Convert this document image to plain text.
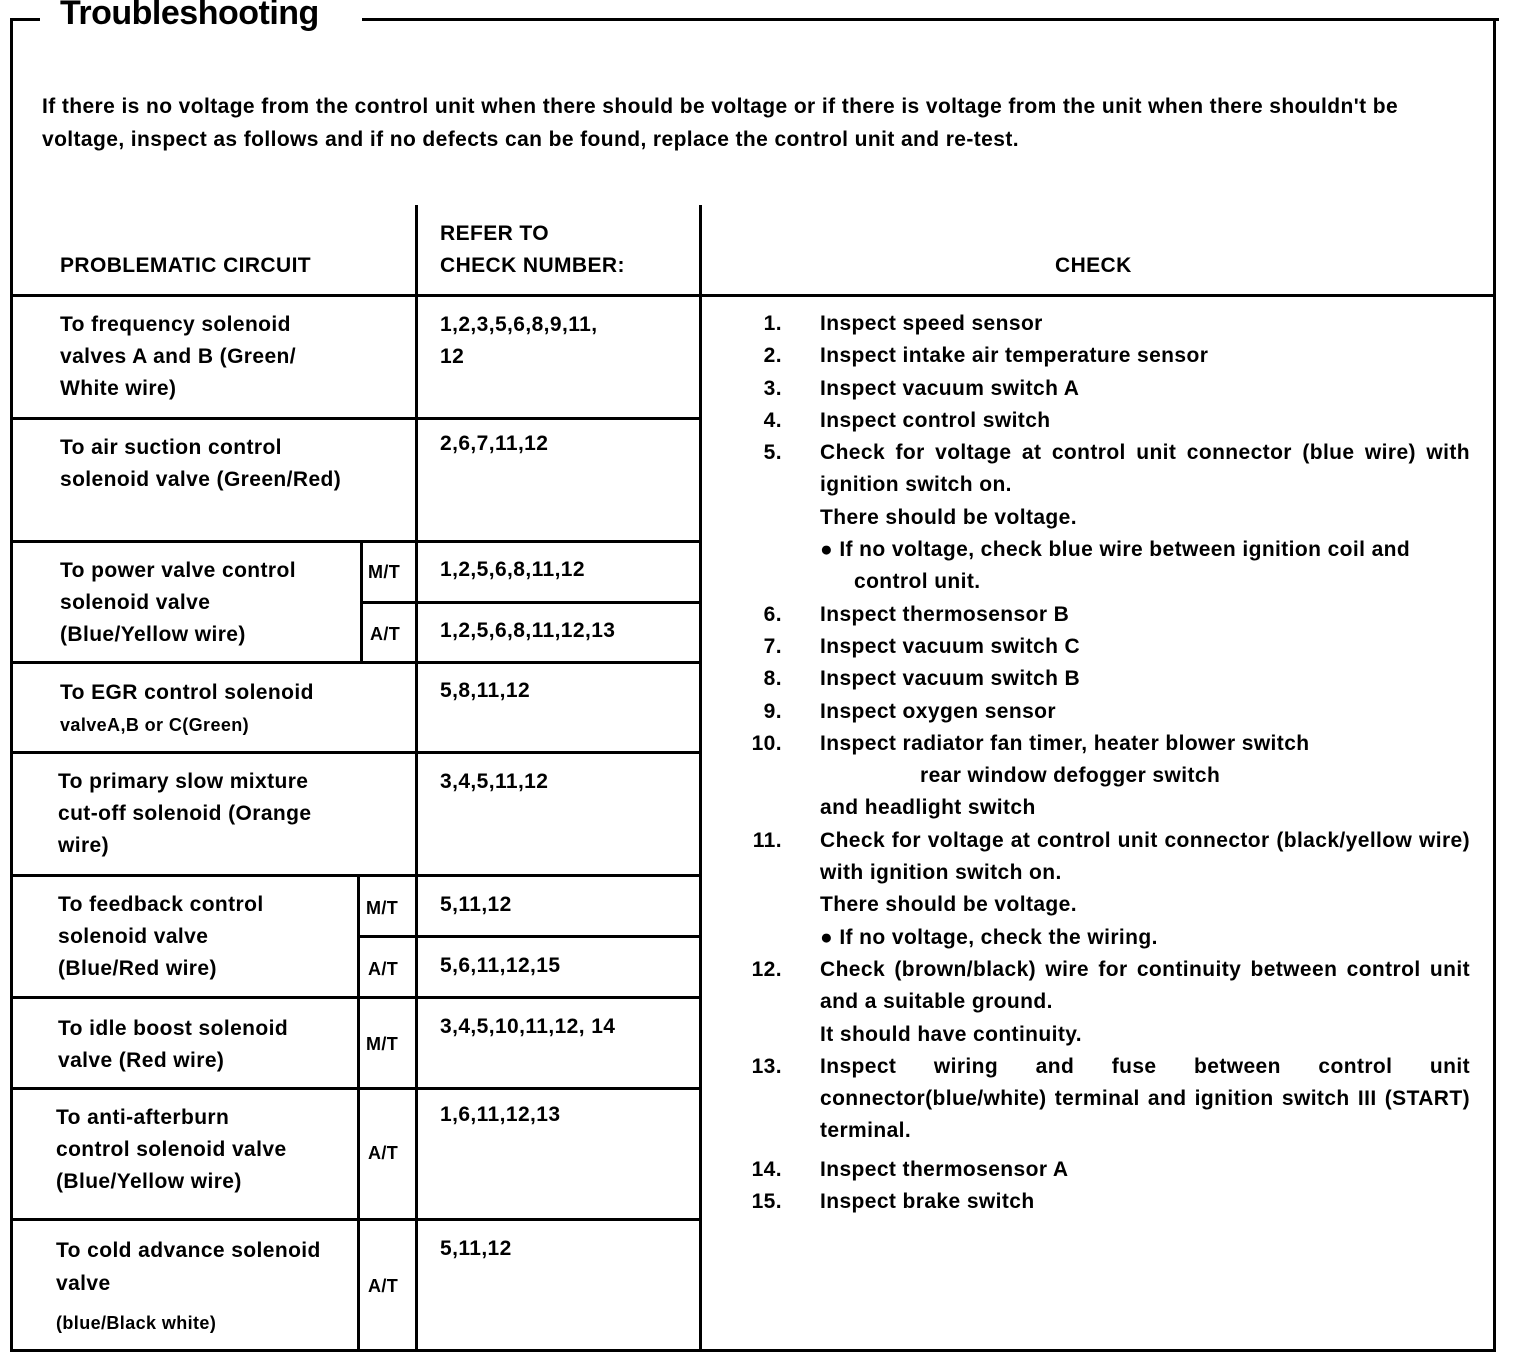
Troubleshooting
If there is no voltage from the control unit when there should be voltage or if there is voltage from the unit when there shouldn't be voltage, inspect as follows and if no defects can be found, replace the control unit and re-test.
PROBLEMATIC CIRCUIT
REFER TO
CHECK NUMBER:	CHECK
To frequency solenoid
valves A and B (Green/
White wire)
1,2,3,5,6,8,9,11,
12
To air suction control
solenoid valve (Green/Red)
2,6,7,11,12
To power valve control
solenoid valve
(Blue/Yellow wire)
M/T 1,2,5,6,8,11,12
A/T 1,2,5,6,8,11,12,13
To EGR control solenoid
valveA,B or C(Green)
5,8,11,12
To primary slow mixture
cut-off solenoid (Orange
wire)
3,4,5,11,12
To feedback control
solenoid valve
(Blue/Red wire)
M/T 5,11,12
A/T 5,6,11,12,15
To idle boost solenoid
valve (Red wire)
M/T
3,4,5,10,11,12, 14
To anti-afterburn
control solenoid valve
(Blue/Yellow wire)
A/T
1,6,11,12,13
To cold advance solenoid
valve
(blue/Black white)
A/T
5,11,12
1. Inspect speed sensor
2. Inspect intake air temperature sensor
3. Inspect vacuum switch A
4. Inspect control switch
5. Check for voltage at control unit connector (blue wire) with ignition switch on.
There should be voltage.
● If no voltage, check blue wire between ignition coil and control unit.
6. Inspect thermosensor B
7. Inspect vacuum switch C
8. Inspect vacuum switch B
9. Inspect oxygen sensor
10. Inspect radiator fan timer, heater blower switch
rear window defogger switch
and headlight switch
11. Check for voltage at control unit connector (black/yellow wire) with ignition switch on.
There should be voltage.
● If no voltage, check the wiring.
12. Check (brown/black) wire for continuity between control unit and a suitable ground.
It should have continuity.
13. Inspect wiring and fuse between control unit connector(blue/white) terminal and ignition switch III (START) terminal.
14. Inspect thermosensor A
15. Inspect brake switch
